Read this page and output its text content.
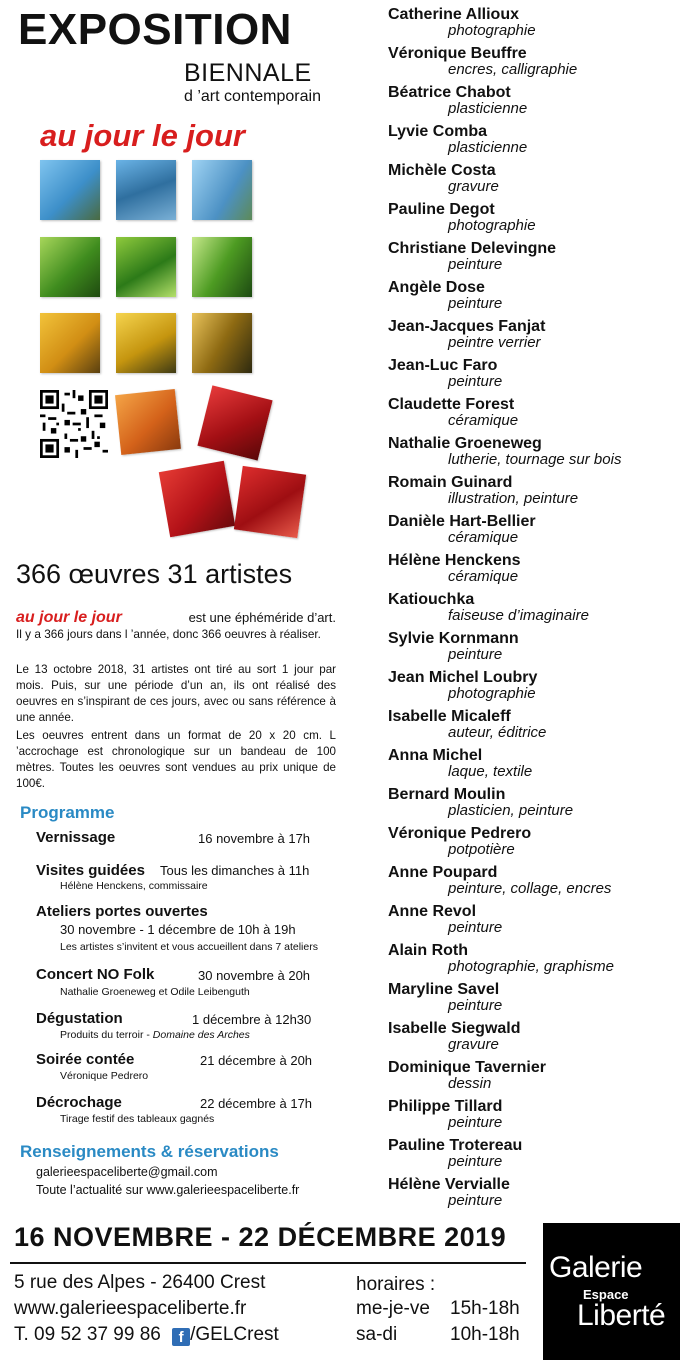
EXPOSITION
BIENNALE
d ’art contemporain
au jour le jour
366 œuvres 31 artistes
au jour le jour	est une éphéméride d’art.
Il y a 366 jours dans l ’année, donc 366 oeuvres à réaliser.
Le 13 octobre 2018, 31 artistes ont tiré au sort 1 jour par mois. Puis, sur une période d’un an, ils ont réalisé des oeuvres en s’inspirant de ces jours, avec ou sans référence à une année.
Les oeuvres entrent dans un format de 20 x 20 cm. L ’accrochage est chronologique sur un bandeau de 100 mètres. Toutes les oeuvres sont vendues au prix unique de 100€.
Programme
Vernissage	16 novembre à 17h
Visites guidées Tous les dimanches à 11h
Hélène Henckens, commissaire
Ateliers portes ouvertes
30 novembre - 1 décembre de 10h à 19h
Les artistes s’invitent et vous accueillent dans 7 ateliers
Concert NO Folk	30 novembre à 20h
Nathalie Groeneweg et Odile Leibenguth
Dégustation	1 décembre à 12h30
Produits du terroir - Domaine des Arches
Soirée contée	21 décembre à 20h
Véronique Pedrero
Décrochage	22 décembre à 17h
Tirage festif des tableaux gagnés
Renseignements & réservations
galerieespaceliberte@gmail.com
Toute l’actualité sur www.galerieespaceliberte.fr
Catherine Allioux
photographie
Véronique Beuffre
encres, calligraphie
Béatrice Chabot
plasticienne
Lyvie Comba
plasticienne
Michèle Costa
gravure
Pauline Degot
photographie
Christiane Delevingne
peinture
Angèle Dose
peinture
Jean-Jacques Fanjat
peintre verrier
Jean-Luc Faro
peinture
Claudette Forest
céramique
Nathalie Groeneweg
lutherie, tournage sur bois
Romain Guinard
illustration, peinture
Danièle Hart-Bellier
céramique
Hélène Henckens
céramique
Katiouchka
faiseuse d’imaginaire
Sylvie Kornmann
peinture
Jean Michel Loubry
photographie
Isabelle Micaleff
auteur, éditrice
Anna Michel
laque, textile
Bernard Moulin
plasticien, peinture
Véronique Pedrero
potpotière
Anne Poupard
peinture, collage, encres
Anne Revol
peinture
Alain Roth
photographie, graphisme
Maryline Savel
peinture
Isabelle Siegwald
gravure
Dominique Tavernier
dessin
Philippe Tillard
peinture
Pauline Trotereau
peinture
Hélène Vervialle
peinture
16 NOVEMBRE - 22 DÉCEMBRE 2019
5 rue des Alpes - 26400 Crest
www.galerieespaceliberte.fr
T. 09 52 37 99 86 f /GELCrest
horaires :
me-je-ve 15h-18h
sa-di	10h-18h
Galerie
Espace
Liberté
